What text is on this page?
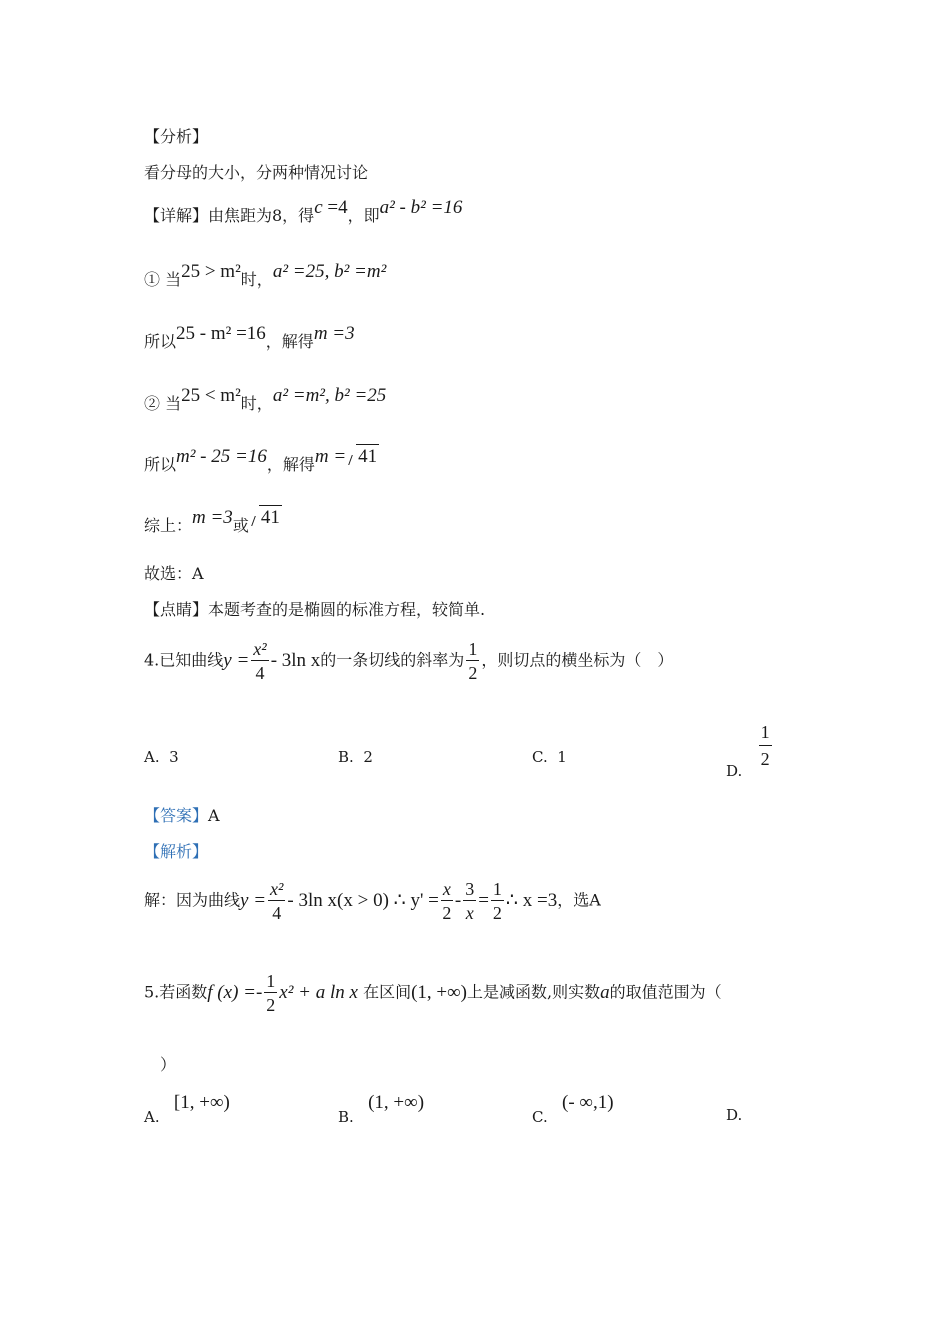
【分析】
看分母的大小，分两种情况讨论
【详解】由焦距为8，得c =4，即a² - b² =16
① 当25 > m²时，a² =25, b² =m²
所以25 - m² =16，解得m =3
② 当25 < m²时，a² =m², b² =25
所以m² - 25 =16，解得m = 41
综上：m =3或 41
故选：A
【点睛】本题考查的是椭圆的标准方程，较简单.
4.已知曲线$y = \frac{\text{x²}}{4} - 3\ln$ x的一条切线的斜率为 $\frac{1}{2}$ ，则切点的横坐标为（　）
A. 3	B. 2	C. 1
D.
$\frac{1}{2}$
【答案】A
【解析】
解：因为曲线$y = \frac{\text{x²}}{4} - 3\ln$ x(x > 0) ∴ $y' = \frac{x}{2} - \frac{3}{x} = \frac{1}{2}$ ∴ x =3，选A
5.若函数f $(x) =- \frac{1}{2} x^2 + a$ ln x 在区间(1, +∞)上是减函数,则实数a的取值范围为（
）
A.   [1, +∞)
B.   (1, +∞)
C.   (- ∞,1)
D.
